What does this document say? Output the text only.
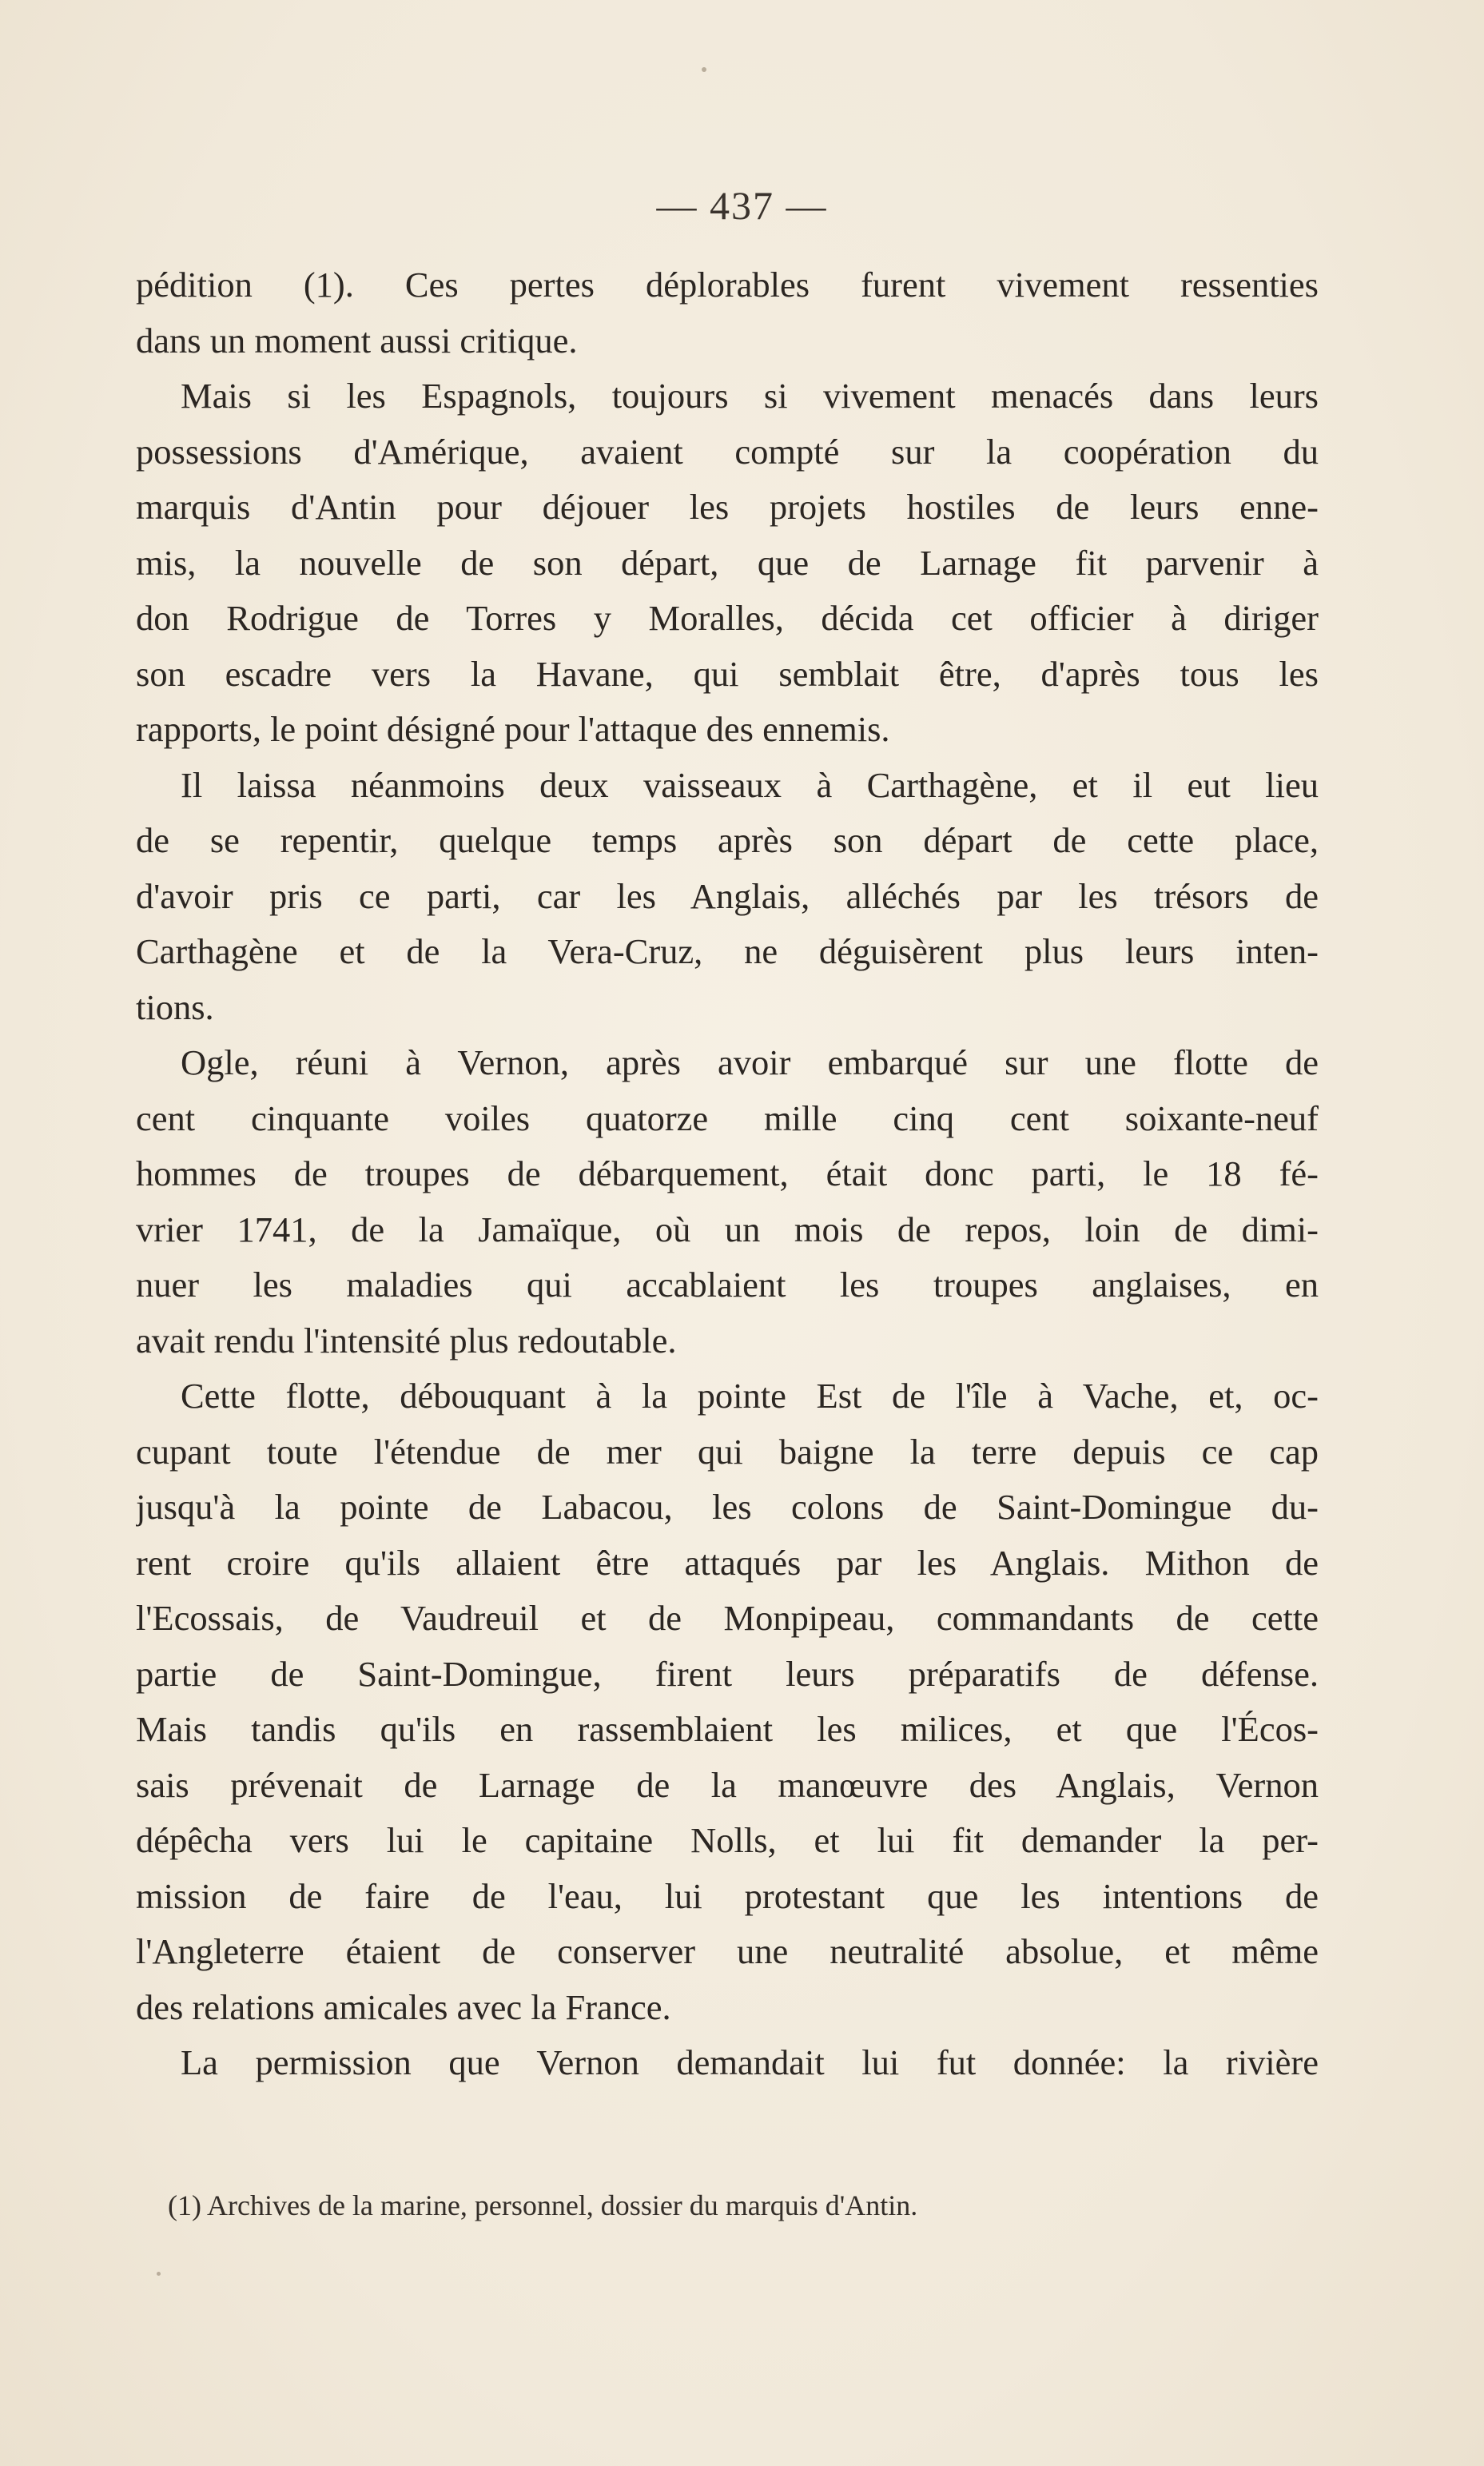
— 437 —
pédition (1). Ces pertes déplorables furent vivement ressenties
dans un moment aussi critique.
Mais si les Espagnols, toujours si vivement menacés dans leurs
possessions d'Amérique, avaient compté sur la coopération du
marquis d'Antin pour déjouer les projets hostiles de leurs enne-
mis, la nouvelle de son départ, que de Larnage fit parvenir à
don Rodrigue de Torres y Moralles, décida cet officier à diriger
son escadre vers la Havane, qui semblait être, d'après tous les
rapports, le point désigné pour l'attaque des ennemis.
Il laissa néanmoins deux vaisseaux à Carthagène, et il eut lieu
de se repentir, quelque temps après son départ de cette place,
d'avoir pris ce parti, car les Anglais, alléchés par les trésors de
Carthagène et de la Vera-Cruz, ne déguisèrent plus leurs inten-
tions.
Ogle, réuni à Vernon, après avoir embarqué sur une flotte de
cent cinquante voiles quatorze mille cinq cent soixante-neuf
hommes de troupes de débarquement, était donc parti, le 18 fé-
vrier 1741, de la Jamaïque, où un mois de repos, loin de dimi-
nuer les maladies qui accablaient les troupes anglaises, en
avait rendu l'intensité plus redoutable.
Cette flotte, débouquant à la pointe Est de l'île à Vache, et, oc-
cupant toute l'étendue de mer qui baigne la terre depuis ce cap
jusqu'à la pointe de Labacou, les colons de Saint-Domingue du-
rent croire qu'ils allaient être attaqués par les Anglais. Mithon de
l'Ecossais, de Vaudreuil et de Monpipeau, commandants de cette
partie de Saint-Domingue, firent leurs préparatifs de défense.
Mais tandis qu'ils en rassemblaient les milices, et que l'Écos-
sais prévenait de Larnage de la manœuvre des Anglais, Vernon
dépêcha vers lui le capitaine Nolls, et lui fit demander la per-
mission de faire de l'eau, lui protestant que les intentions de
l'Angleterre étaient de conserver une neutralité absolue, et même
des relations amicales avec la France.
La permission que Vernon demandait lui fut donnée: la rivière
(1) Archives de la marine, personnel, dossier du marquis d'Antin.
